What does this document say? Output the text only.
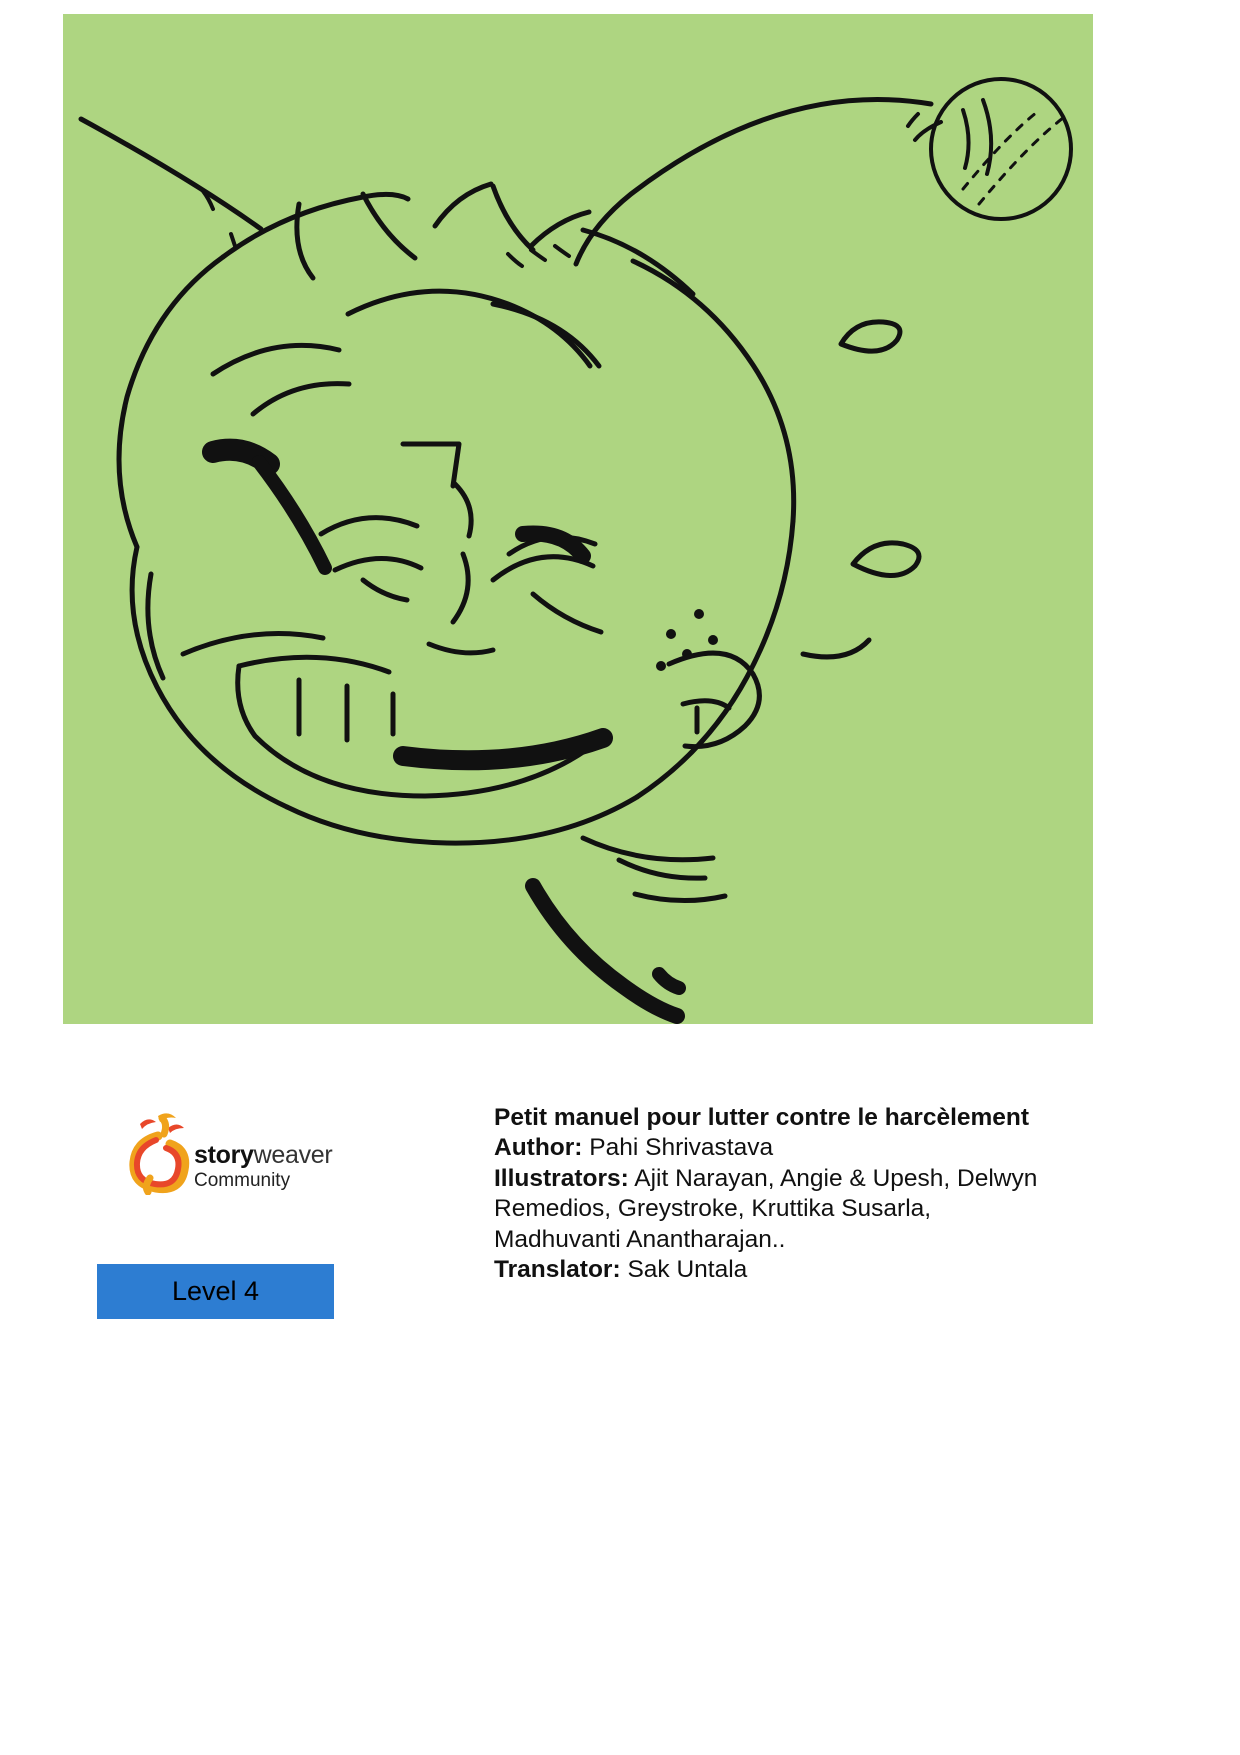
storyweaver
Community
Level 4

Petit manuel pour lutter contre le harcèlement

Author: Pahi Shrivastava

Illustrators: Ajit Narayan, Angie & Upesh, Delwyn Remedios, Greystroke, Kruttika Susarla, Madhuvanti Anantharajan..

Translator: Sak Untala
